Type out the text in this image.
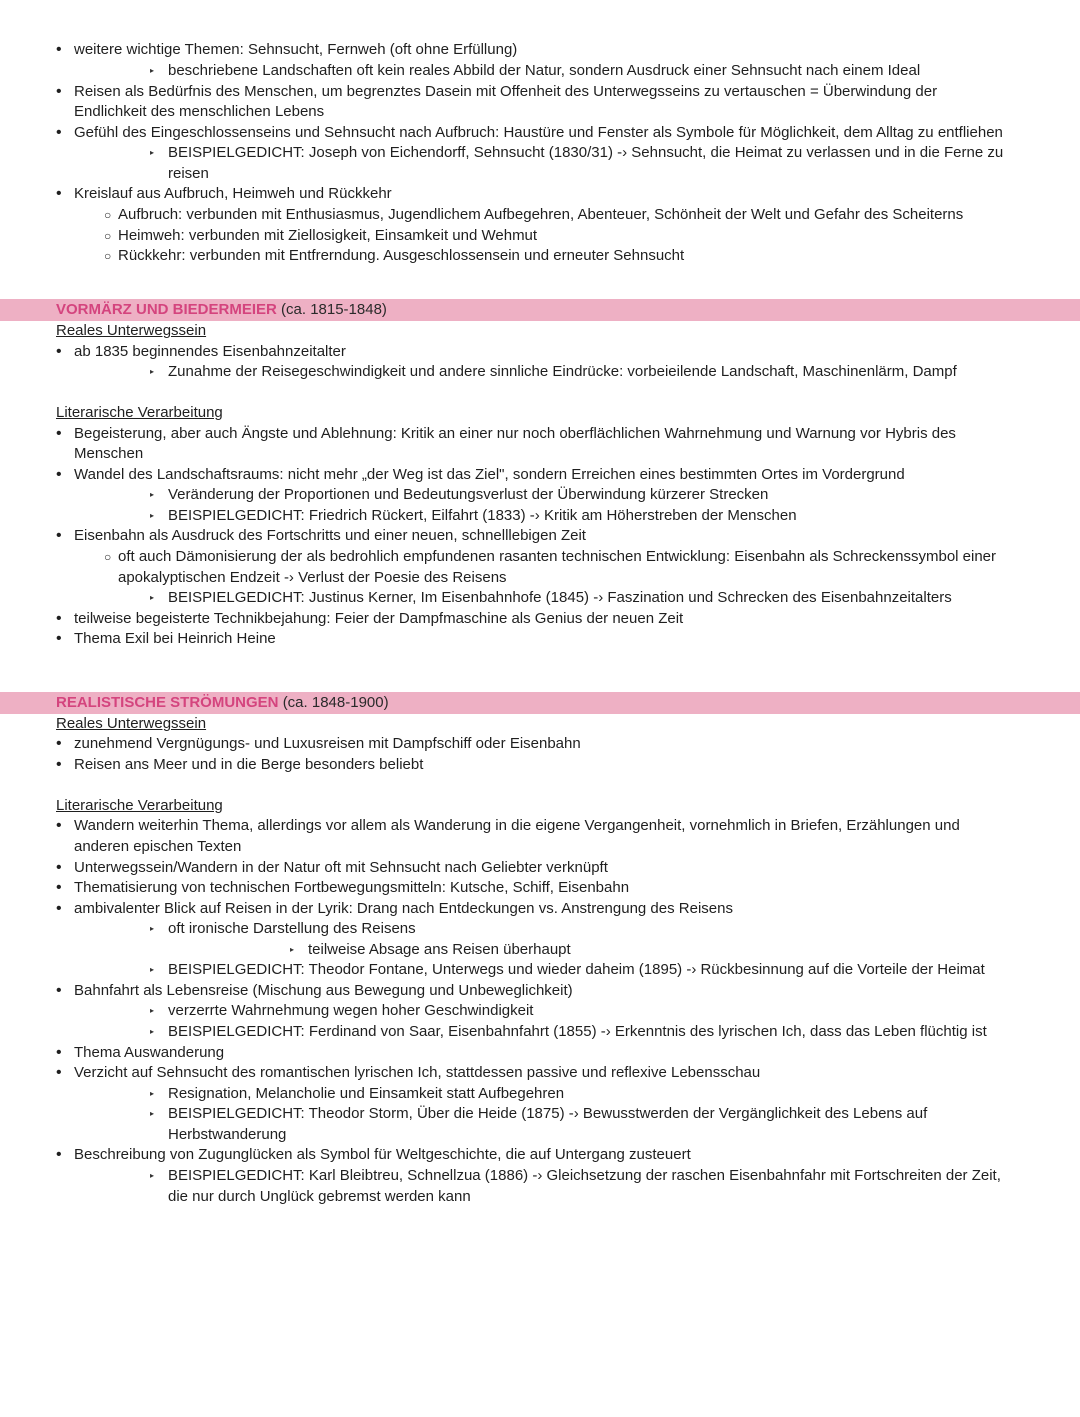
• weitere wichtige Themen: Sehnsucht, Fernweh (oft ohne Erfüllung)
▸ beschriebene Landschaften oft kein reales Abbild der Natur, sondern Ausdruck einer Sehnsucht nach einem Ideal
• Reisen als Bedürfnis des Menschen, um begrenztes Dasein mit Offenheit des Unterwegsseins zu vertauschen = Überwindung der
Endlichkeit des menschlichen Lebens
• Gefühl des Eingeschlossenseins und Sehnsucht nach Aufbruch: Haustüre und Fenster als Symbole für Möglichkeit, dem Alltag zu entfliehen
▸ BEISPIELGEDICHT: Joseph von Eichendorff, Sehnsucht (1830/31) -› Sehnsucht, die Heimat zu verlassen und in die Ferne zu
reisen
• Kreislauf aus Aufbruch, Heimweh und Rückkehr
○ Aufbruch: verbunden mit Enthusiasmus, Jugendlichem Aufbegehren, Abenteuer, Schönheit der Welt und Gefahr des Scheiterns
○ Heimweh: verbunden mit Ziellosigkeit, Einsamkeit und Wehmut
○ Rückkehr: verbunden mit Entfrerndung. Ausgeschlossensein und erneuter Sehnsucht
VORMÄRZ UND BIEDERMEIER (ca. 1815-1848)
Reales Unterwegssein
• ab 1835 beginnendes Eisenbahnzeitalter
▸ Zunahme der Reisegeschwindigkeit und andere sinnliche Eindrücke: vorbeieilende Landschaft, Maschinenlärm, Dampf
Literarische Verarbeitung
• Begeisterung, aber auch Ängste und Ablehnung: Kritik an einer nur noch oberflächlichen Wahrnehmung und Warnung vor Hybris des
Menschen
• Wandel des Landschaftsraums: nicht mehr „der Weg ist das Ziel", sondern Erreichen eines bestimmten Ortes im Vordergrund
▸ Veränderung der Proportionen und Bedeutungsverlust der Überwindung kürzerer Strecken
▸ BEISPIELGEDICHT: Friedrich Rückert, Eilfahrt (1833) -› Kritik am Höherstreben der Menschen
• Eisenbahn als Ausdruck des Fortschritts und einer neuen, schnelllebigen Zeit
○ oft auch Dämonisierung der als bedrohlich empfundenen rasanten technischen Entwicklung: Eisenbahn als Schreckenssymbol einer
apokalyptischen Endzeit -› Verlust der Poesie des Reisens
▸ BEISPIELGEDICHT: Justinus Kerner, Im Eisenbahnhofe (1845) -› Faszination und Schrecken des Eisenbahnzeitalters
• teilweise begeisterte Technikbejahung: Feier der Dampfmaschine als Genius der neuen Zeit
• Thema Exil bei Heinrich Heine
REALISTISCHE STRÖMUNGEN (ca. 1848-1900)
Reales Unterwegssein
• zunehmend Vergnügungs- und Luxusreisen mit Dampfschiff oder Eisenbahn
• Reisen ans Meer und in die Berge besonders beliebt
Literarische Verarbeitung
• Wandern weiterhin Thema, allerdings vor allem als Wanderung in die eigene Vergangenheit, vornehmlich in Briefen, Erzählungen und
anderen epischen Texten
• Unterwegssein/Wandern in der Natur oft mit Sehnsucht nach Geliebter verknüpft
• Thematisierung von technischen Fortbewegungsmitteln: Kutsche, Schiff, Eisenbahn
• ambivalenter Blick auf Reisen in der Lyrik: Drang nach Entdeckungen vs. Anstrengung des Reisens
▸ oft ironische Darstellung des Reisens
▸ teilweise Absage ans Reisen überhaupt
▸ BEISPIELGEDICHT: Theodor Fontane, Unterwegs und wieder daheim (1895) -› Rückbesinnung auf die Vorteile der Heimat
• Bahnfahrt als Lebensreise (Mischung aus Bewegung und Unbeweglichkeit)
▸ verzerrte Wahrnehmung wegen hoher Geschwindigkeit
▸ BEISPIELGEDICHT: Ferdinand von Saar, Eisenbahnfahrt (1855) -› Erkenntnis des lyrischen Ich, dass das Leben flüchtig ist
• Thema Auswanderung
• Verzicht auf Sehnsucht des romantischen lyrischen Ich, stattdessen passive und reflexive Lebensschau
▸ Resignation, Melancholie und Einsamkeit statt Aufbegehren
▸ BEISPIELGEDICHT: Theodor Storm, Über die Heide (1875) -› Bewusstwerden der Vergänglichkeit des Lebens auf
Herbstwanderung
• Beschreibung von Zugunglücken als Symbol für Weltgeschichte, die auf Untergang zusteuert
▸ BEISPIELGEDICHT: Karl Bleibtreu, Schnellzua (1886) -› Gleichsetzung der raschen Eisenbahnfahr mit Fortschreiten der Zeit,
die nur durch Unglück gebremst werden kann
